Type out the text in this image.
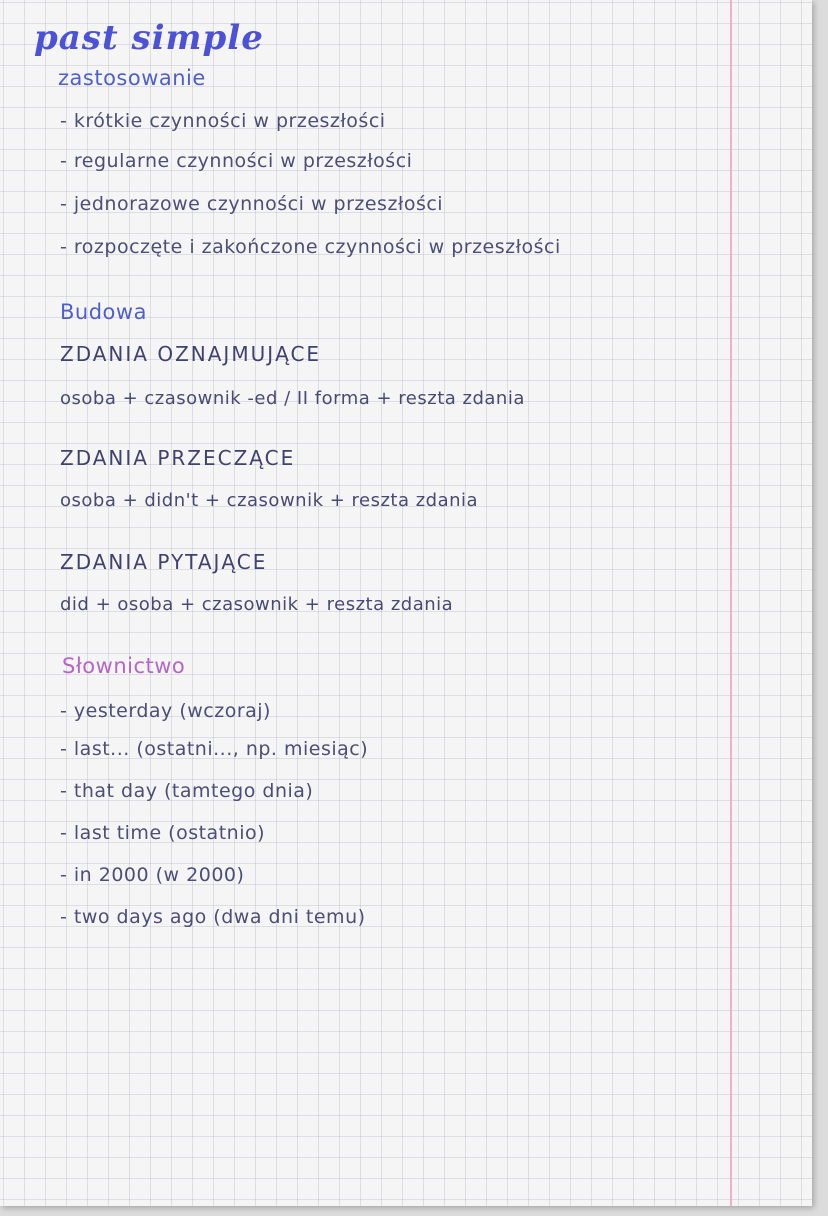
past simple
zastosowanie
- krótkie czynności w przeszłości
- regularne czynności w przeszłości
- jednorazowe czynności w przeszłości
- rozpoczęte i zakończone czynności w przeszłości
Budowa
ZDANIA OZNAJMUJĄCE
osoba + czasownik -ed / II forma + reszta zdania
ZDANIA PRZECZĄCE
osoba + didn't + czasownik + reszta zdania
ZDANIA PYTAJĄCE
did + osoba + czasownik + reszta zdania
Słownictwo
- yesterday (wczoraj)
- last... (ostatni..., np. miesiąc)
- that day (tamtego dnia)
- last time (ostatnio)
- in 2000 (w 2000)
- two days ago (dwa dni temu)
